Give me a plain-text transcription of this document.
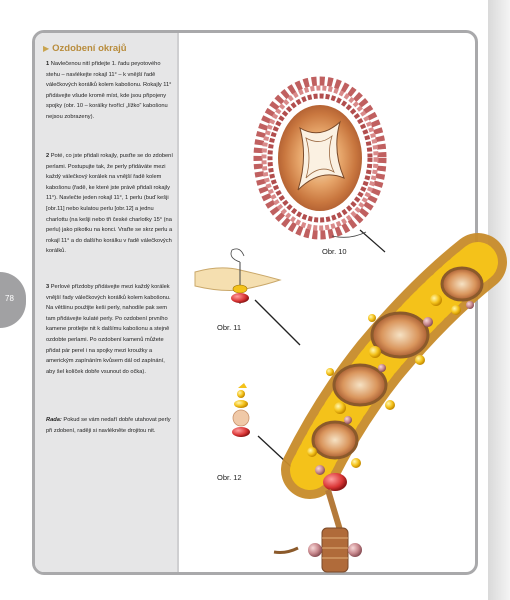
▶ Ozdobení okrajů
1 Navlečenou nití přidejte 1. řadu peyotového stehu – navlékejte rokajl 11° – k vnější řadě válečkových korálků kolem kabošonu. Rokajly 11° přidávejte všude kromě míst, kde jsou připojeny spojky (obr. 10 – korálky tvořící „lížko“ kabošonu nejsou zobrazeny).
2 Poté, co jste přidali rokajly, pusťte se do zdobení perlami. Postupujte tak, že perly přidáváte mezi každý válečkový korálek na vnější řadě kolem kabošonu (řadě, ke které jste právě přidali rokajly 11°). Navlečte jeden rokajl 11°, 1 perlu (buď kešji [obr.11] nebo kulatou perlu [obr.12] a jednu charlottu (na kešji nebo tři české charlotky 15° (na perlu) jako pikotku na konci. Vraťte se skrz perlu a rokajl 11° a do dalšího korálku v řadě válečkových korálků.
3 Perlové přízdoby přidávejte mezi každý korálek vnější řady válečkových korálků kolem kabošonu. Na většinu použijte keši perly, nahodile pak sem tam přidávejte kulaté perly. Po ozdobení prvního kamene protlejte nit k dalšímu kabošonu a stejně ozdobte perlami. Po ozdobení kamenů můžete přidat pár perel i na spojky mezi kroužky a americkým zapínáním kvůsem dál od zapínání, aby šel kolíček dobře vsunout do očka).
Rada: Pokud se vám nedaří dobře utahovat perly při zdobení, raději si navlékněte drojitou nit.
78
Obr. 10
Obr. 11
Obr. 12
